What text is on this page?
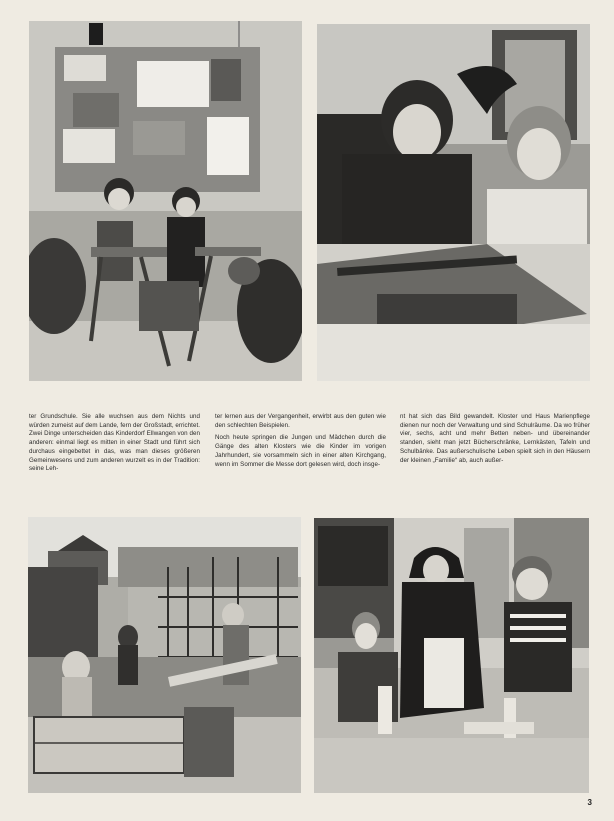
ter Grundschule. Sie alle wuchsen aus dem Nichts und würden zumeist auf dem Lande, fern der Großstadt, errichtet. Zwei Dinge unterscheiden das Kinderdorf Ellwangen von den anderen: einmal liegt es mitten in einer Stadt und führt sich durchaus eingebettet in das, was man dieses größeren Gemeinwesens und zum anderen wurzelt es in der Tradition: seine Leh-

ter lernen aus der Vergangenheit, erwirbt aus den guten wie den schlechten Beispielen.

Noch heute springen die Jungen und Mädchen durch die Gänge des alten Klosters wie die Kinder im vorigen Jahrhundert, sie vorsammeln sich in einer alten Kirchgang, wenn im Sommer die Messe dort gelesen wird, doch insge-

nt hat sich das Bild gewandelt. Kloster und Haus Marienpflege dienen nur noch der Verwaltung und sind Schulräume. Da wo früher vier, sechs, acht und mehr Betten neben- und übereinander standen, sieht man jetzt Bücherschränke, Lernkästen, Tafeln und Schulbänke. Das außerschulische Leben spielt sich in den Häusern der kleinen „Familie“ ab, auch außer-

3
